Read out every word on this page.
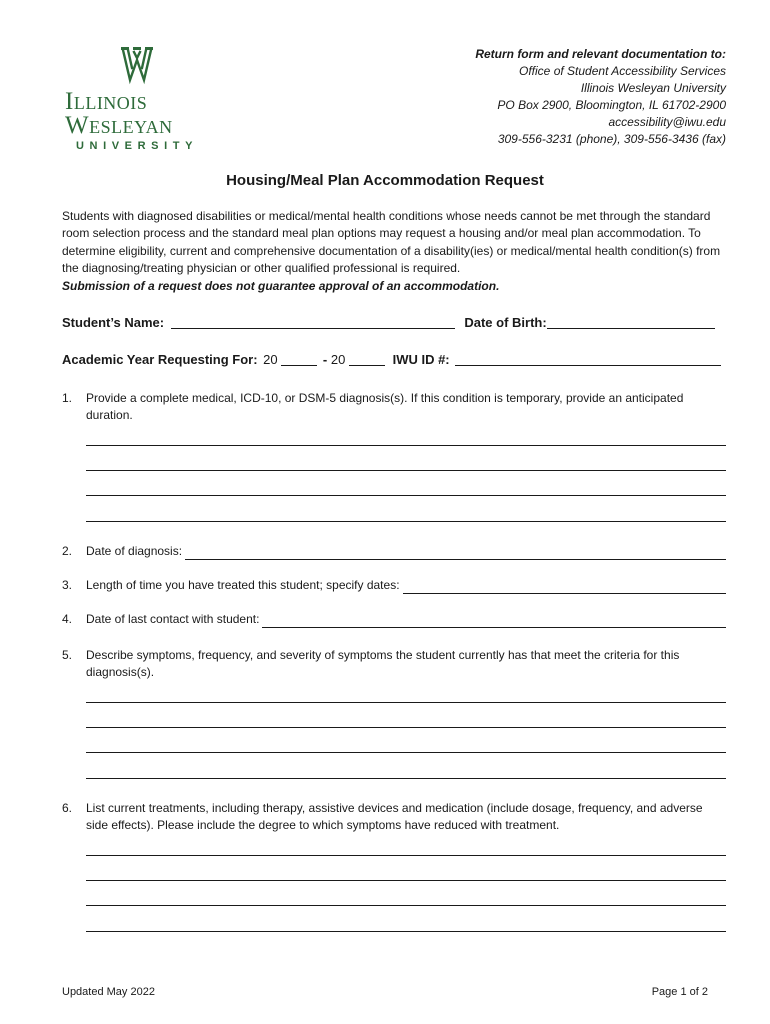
Illinois
Wesleyan
UNIVERSITY
Return form and relevant documentation to:
Office of Student Accessibility Services
Illinois Wesleyan University
PO Box 2900, Bloomington, IL 61702-2900
accessibility@iwu.edu
309-556-3231 (phone), 309-556-3436 (fax)
Housing/Meal Plan Accommodation Request
Students with diagnosed disabilities or medical/mental health conditions whose needs cannot be met through the standard room selection process and the standard meal plan options may request a housing and/or meal plan accommodation. To determine eligibility, current and comprehensive documentation of a disability(ies) or medical/mental health condition(s) from the diagnosing/treating physician or other qualified professional is required.
Submission of a request does not guarantee approval of an accommodation.
Student’s Name:	Date of Birth:
Academic Year Requesting For: 20	- 20	IWU ID #:
1. Provide a complete medical, ICD-10, or DSM-5 diagnosis(s). If this condition is temporary, provide an anticipated duration.
2. Date of diagnosis:
3. Length of time you have treated this student; specify dates:
4. Date of last contact with student:
5. Describe symptoms, frequency, and severity of symptoms the student currently has that meet the criteria for this diagnosis(s).
6. List current treatments, including therapy, assistive devices and medication (include dosage, frequency, and adverse side effects). Please include the degree to which symptoms have reduced with treatment.
Updated May 2022	Page 1 of 2
